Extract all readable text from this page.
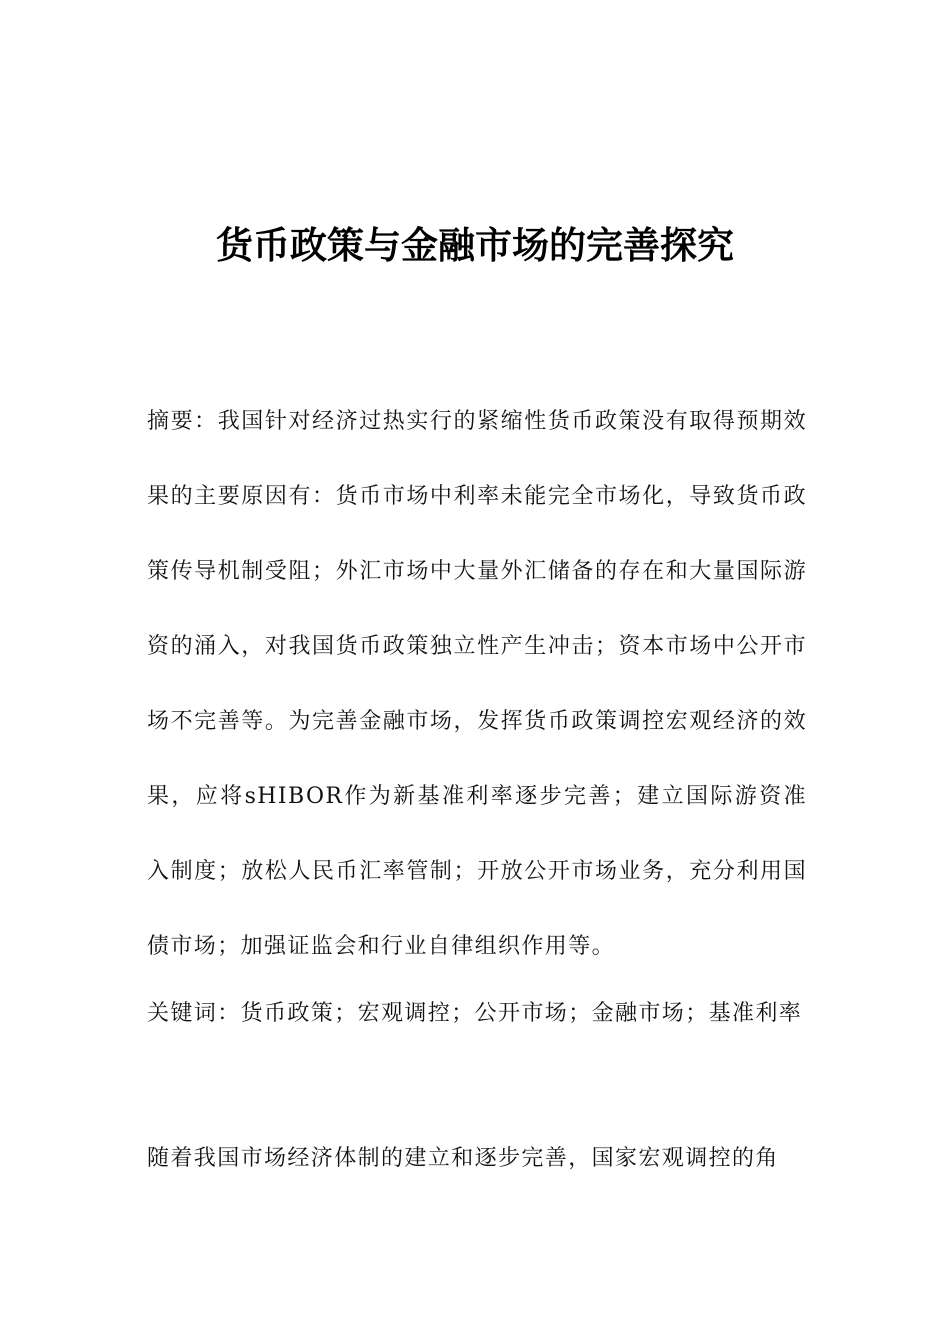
货币政策与金融市场的完善探究

摘要：我国针对经济过热实行的紧缩性货币政策没有取得预期效果的主要原因有：货币市场中利率未能完全市场化，导致货币政策传导机制受阻；外汇市场中大量外汇储备的存在和大量国际游资的涌入，对我国货币政策独立性产生冲击；资本市场中公开市场不完善等。为完善金融市场，发挥货币政策调控宏观经济的效果，应将sHIBOR作为新基准利率逐步完善；建立国际游资准入制度；放松人民币汇率管制；开放公开市场业务，充分利用国债市场；加强证监会和行业自律组织作用等。

关键词：货币政策；宏观调控；公开市场；金融市场；基准利率

随着我国市场经济体制的建立和逐步完善，国家宏观调控的角
